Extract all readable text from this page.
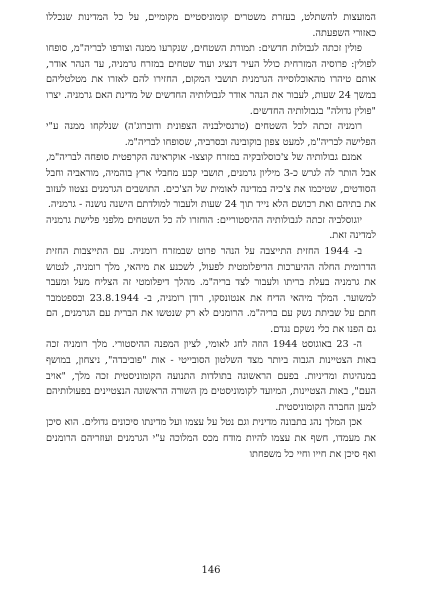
המועצות להשתלט, בעזרת משטרים קומוניסטיים מקומיים, על כל המדינות שנכללו כאזורי השפעתה.

פולין זכתה לגבולות חדשים: תמורת השטחים, שנקרעו ממנה וצורפו לבריה"מ, סופחו לפולין: פרוסיה המזרחית כולל העיר דנציג ועוד שטחים במזרח גרמניה, עד הנהר אודר, אותם טיהרו מהאוכלוסייה הגרמנית תושבי המקום, החזירו להם לאזרו את מטלטליהם במשך 24 שעות, לעבור את הנהר אודר לגבולותיה החדשים של מדינת האם גרמניה. יצרו "פולין גדולה" בגבולותיה החדשים.

רומניה זכתה לכל השטחים (טרנסילבניה הצפונית ודוברוג'ה) שנלקחו ממנה ע"י הפלישה לבריה"מ, למעט צפון בוקובינה ובסרביה, שסופחו לבריה"מ.

אמנם גבולותיה של צ'כוסלובקיה במזרח קוצצו- אוקראינה הקרפטית סופחה לבריה"מ, אבל הותר לה לגרש כ-3 מיליון גרמנים, תושבי קבע מחבלי ארץ בוהמיה, מוראביה וחבל הסודטים, שטיכמו את צ'כיה במדינה לאומית של הצ'כים. התושבים הגרמנים נצטוו לעזוב את בתיהם ואת רכושם הלא נייד תוך 24 שעות ולעבור למולדתם הישנה נושנה - גרמניה.

יוגוסלביה זכתה לגבולותיה ההיסטוריים: הוחזרו לה כל השטחים מלפני פלישת גרמניה למדינה זאת.

ב- 1944 החזית התייצבה על הנהר פרוט שבמזרח רומניה. עם התייצבות החזית הדרומית החלה ההיערכות הדיפלומטית לפעול, לשכנע את מיהאי, מלך רומניה, לנטוש את גרמניה בעלת בריתו ולעבור לצד בריה"מ. מהלך דיפלומטי זה הצליח מעל ומעבר למשוער. המלך מיהאי הדיח את אנטונסקו, רודן רומניה, ב- 23.8.1944 ובספטמבר חתם על שביתת נשק עם בריה"מ. הרומנים לא רק שנטשו את הברית עם הגרמנים, הם גם הפנו את כלי נשקם נגדם.

ה- 23 באוגוסט 1944 הוזה לחג לאומי, לציון המפנה ההיסטורי. מלך רומניה זכה באות הצטיינות הגבוה ביותר מצד השלטון הסובייטי - אות "פוביבדה", ניצחון, במושף במנהיגות ומדיניות. בפעם הראשונה בתולדות התנועה הקומוניסטית זכה מלך, "אויב העם", באות הצטיינות, המיועד לקומוניסטים מן השורה הראשונה הנצטיינים בפעולותיהם למען החברה הקומוניסטית.

אכן המלך נהג בתבונה מדינית וגם נטל על עצמו ועל מדינתו סיכונים גדולים. הוא סיכן את מעמדו, חשף את עצמו להיות מודח מכס המלוכה ע"י הגרמנים ועוזריהם הרומנים ואף סיכן את חייו וחיי כל משפחתו

146
